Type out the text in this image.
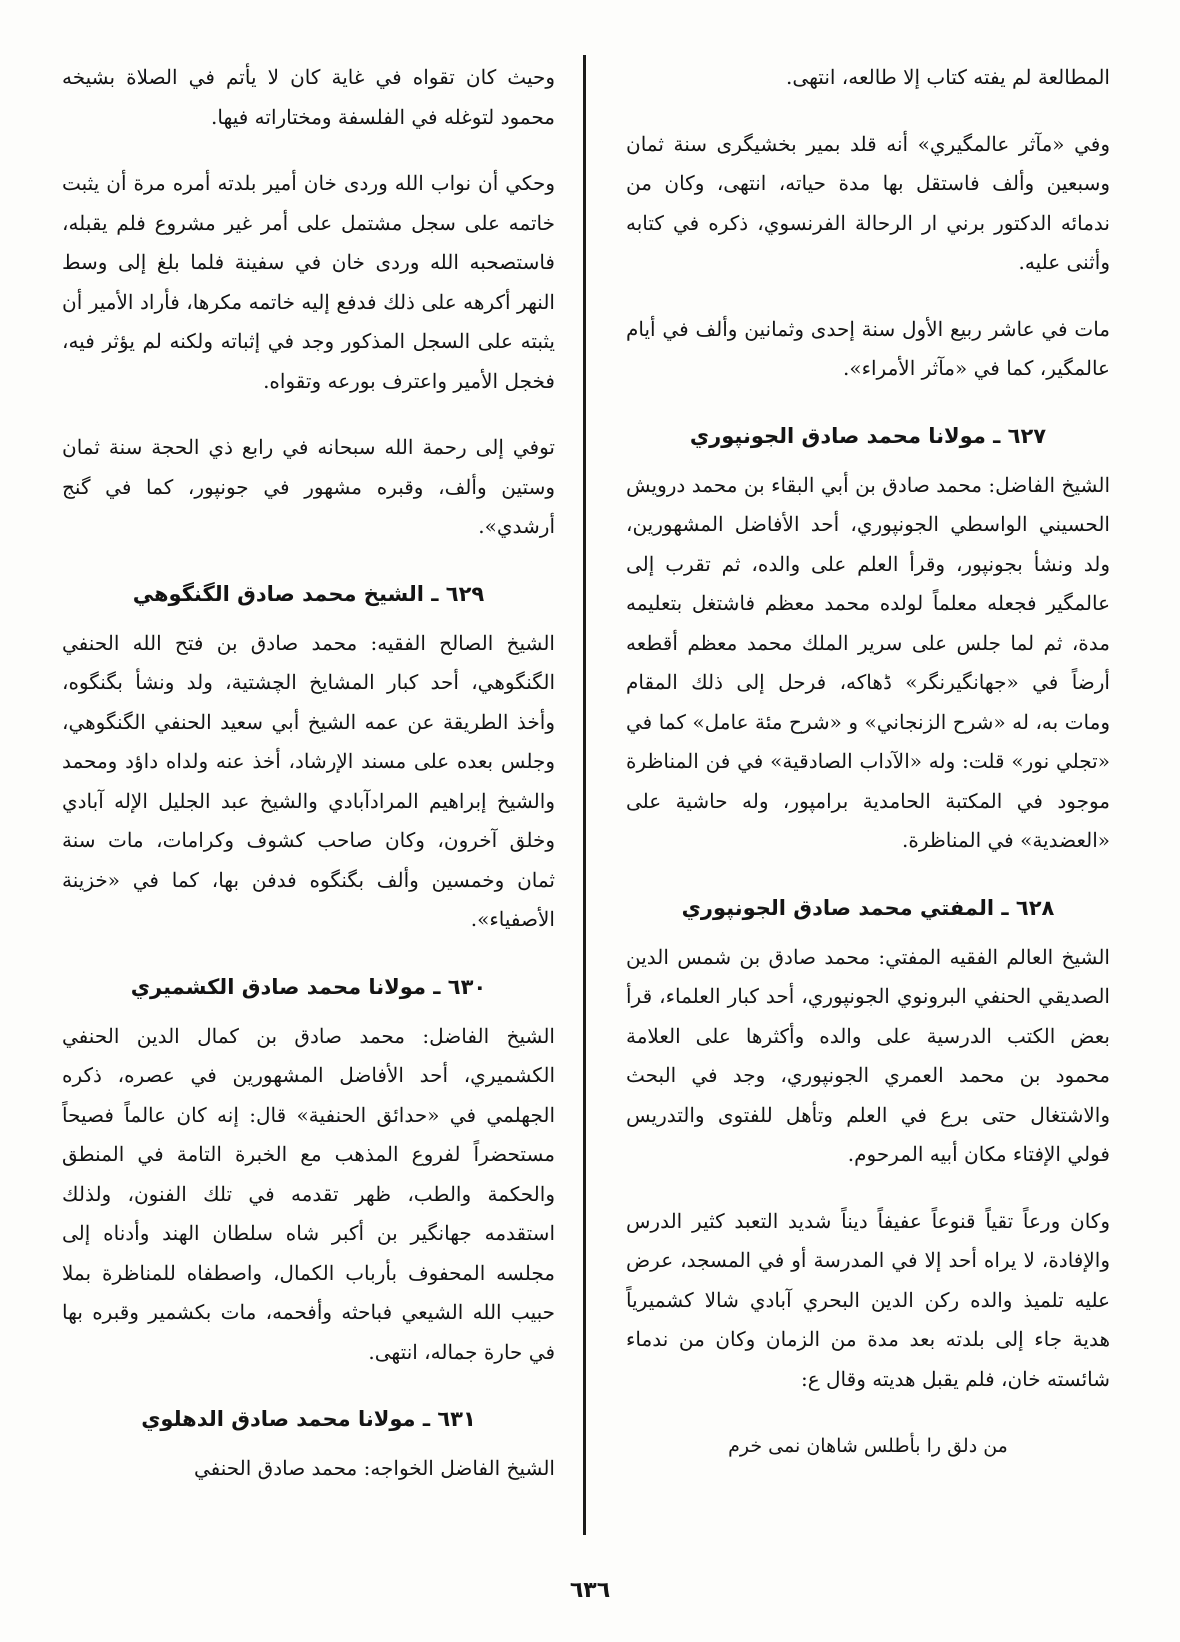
المطالعة لم يفته كتاب إلا طالعه، انتهى.

وفي «مآثر عالمگيري» أنه قلد بمير بخشيگرى سنة ثمان وسبعين وألف فاستقل بها مدة حياته، انتهى، وكان من ندمائه الدكتور برني ار الرحالة الفرنسوي، ذكره في كتابه وأثنى عليه.

مات في عاشر ربيع الأول سنة إحدى وثمانين وألف في أيام عالمگير، كما في «مآثر الأمراء».

٦٢٧ ـ مولانا محمد صادق الجونپوري

الشيخ الفاضل: محمد صادق بن أبي البقاء بن محمد درويش الحسيني الواسطي الجونپوري، أحد الأفاضل المشهورين، ولد ونشأ بجونپور، وقرأ العلم على والده، ثم تقرب إلى عالمگير فجعله معلماً لولده محمد معظم فاشتغل بتعليمه مدة، ثم لما جلس على سرير الملك محمد معظم أقطعه أرضاً في «جهانگيرنگر» ڈهاكه، فرحل إلى ذلك المقام ومات به، له «شرح الزنجاني» و «شرح مئة عامل» كما في «تجلي نور» قلت: وله «الآداب الصادقية» في فن المناظرة موجود في المكتبة الحامدية برامپور، وله حاشية على «العضدية» في المناظرة.

٦٢٨ ـ المفتي محمد صادق الجونپوري

الشيخ العالم الفقيه المفتي: محمد صادق بن شمس الدين الصديقي الحنفي البرونوي الجونپوري، أحد كبار العلماء، قرأ بعض الكتب الدرسية على والده وأكثرها على العلامة محمود بن محمد العمري الجونپوري، وجد في البحث والاشتغال حتى برع في العلم وتأهل للفتوى والتدريس فولي الإفتاء مكان أبيه المرحوم.

وكان ورعاً تقياً قنوعاً عفيفاً ديناً شديد التعبد كثير الدرس والإفادة، لا يراه أحد إلا في المدرسة أو في المسجد، عرض عليه تلميذ والده ركن الدين البحري آبادي شالا كشميرياً هدية جاء إلى بلدته بعد مدة من الزمان وكان من ندماء شائسته خان، فلم يقبل هديته وقال ع:

من دلق را بأطلس شاهان نمى خرم

وحيث كان تقواه في غاية كان لا يأتم في الصلاة بشيخه محمود لتوغله في الفلسفة ومختاراته فيها.

وحكي أن نواب الله وردى خان أمير بلدته أمره مرة أن يثبت خاتمه على سجل مشتمل على أمر غير مشروع فلم يقبله، فاستصحبه الله وردى خان في سفينة فلما بلغ إلى وسط النهر أكرهه على ذلك فدفع إليه خاتمه مكرها، فأراد الأمير أن يثبته على السجل المذكور وجد في إثباته ولكنه لم يؤثر فيه، فخجل الأمير واعترف بورعه وتقواه.

توفي إلى رحمة الله سبحانه في رابع ذي الحجة سنة ثمان وستين وألف، وقبره مشهور في جونپور، كما في گنج أرشدي».

٦٢٩ ـ الشيخ محمد صادق الگنگوهي

الشيخ الصالح الفقيه: محمد صادق بن فتح الله الحنفي الگنگوهي، أحد كبار المشايخ الچشتية، ولد ونشأ بگنگوه، وأخذ الطريقة عن عمه الشيخ أبي سعيد الحنفي الگنگوهي، وجلس بعده على مسند الإرشاد، أخذ عنه ولداه داؤد ومحمد والشيخ إبراهيم المرادآبادي والشيخ عبد الجليل الإله آبادي وخلق آخرون، وكان صاحب كشوف وكرامات، مات سنة ثمان وخمسين وألف بگنگوه فدفن بها، كما في «خزينة الأصفياء».

٦٣٠ ـ مولانا محمد صادق الكشميري

الشيخ الفاضل: محمد صادق بن كمال الدين الحنفي الكشميري، أحد الأفاضل المشهورين في عصره، ذكره الجهلمي في «حدائق الحنفية» قال: إنه كان عالماً فصيحاً مستحضراً لفروع المذهب مع الخبرة التامة في المنطق والحكمة والطب، ظهر تقدمه في تلك الفنون، ولذلك استقدمه جهانگير بن أكبر شاه سلطان الهند وأدناه إلى مجلسه المحفوف بأرباب الكمال، واصطفاه للمناظرة بملا حبيب الله الشيعي فباحثه وأفحمه، مات بكشمير وقبره بها في حارة جماله، انتهى.

٦٣١ ـ مولانا محمد صادق الدهلوي

الشيخ الفاضل الخواجه: محمد صادق الحنفي

٦٣٦
